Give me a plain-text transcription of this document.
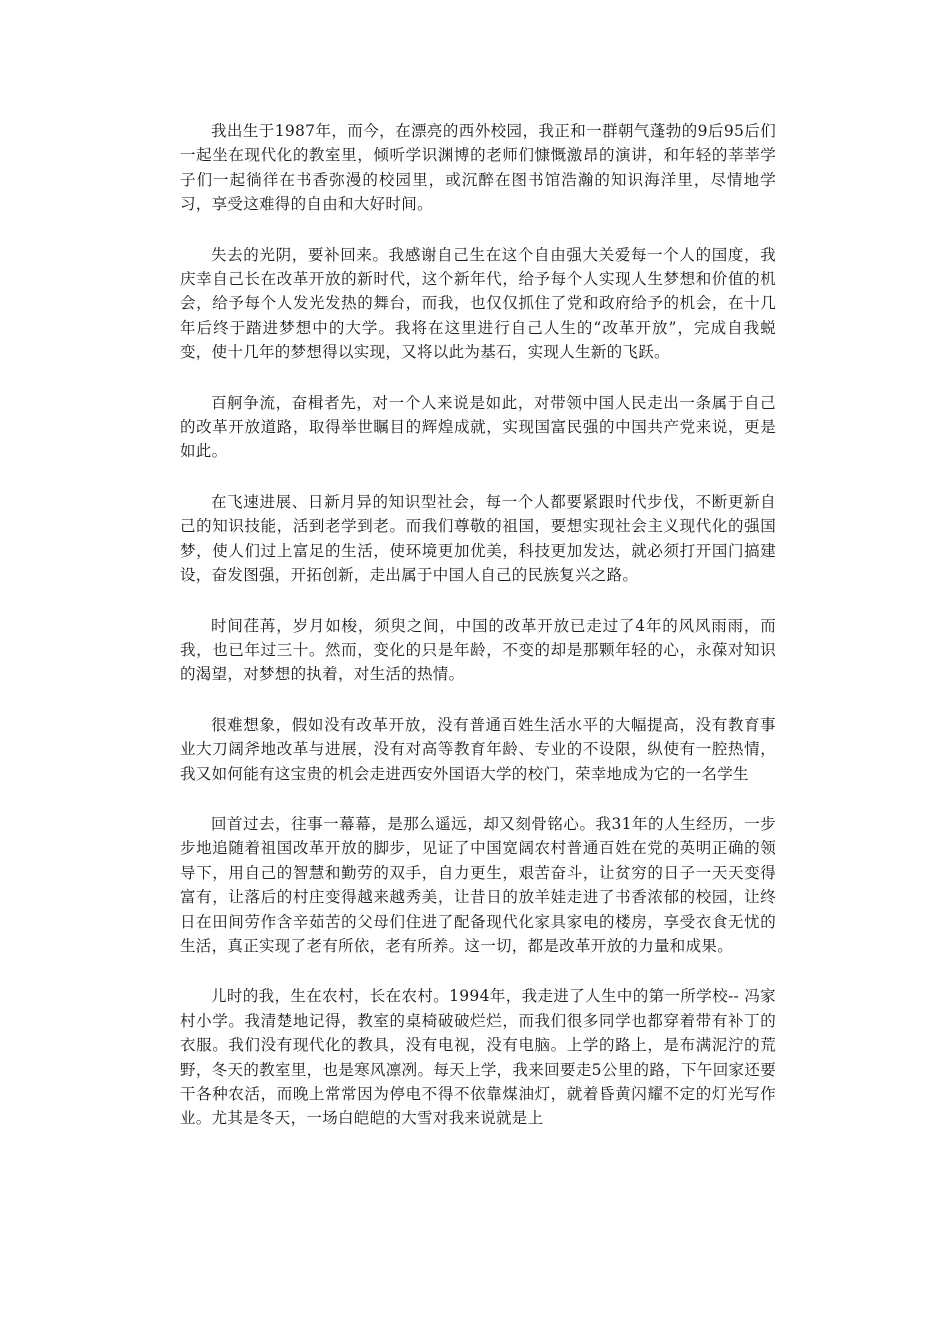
我出生于1987年，而今，在漂亮的西外校园，我正和一群朝气蓬勃的9后95后们一起坐在现代化的教室里，倾听学识渊博的老师们慷慨激昂的演讲，和年轻的莘莘学子们一起徜徉在书香弥漫的校园里，或沉醉在图书馆浩瀚的知识海洋里，尽情地学习，享受这难得的自由和大好时间。

失去的光阴，要补回来。我感谢自己生在这个自由强大关爱每一个人的国度，我庆幸自己长在改革开放的新时代，这个新年代，给予每个人实现人生梦想和价值的机会，给予每个人发光发热的舞台，而我，也仅仅抓住了党和政府给予的机会，在十几年后终于踏进梦想中的大学。我将在这里进行自己人生的“改革开放”，完成自我蜕变，使十几年的梦想得以实现，又将以此为基石，实现人生新的飞跃。

百舸争流，奋楫者先，对一个人来说是如此，对带领中国人民走出一条属于自己的改革开放道路，取得举世瞩目的辉煌成就，实现国富民强的中国共产党来说，更是如此。

在飞速进展、日新月异的知识型社会，每一个人都要紧跟时代步伐，不断更新自己的知识技能，活到老学到老。而我们尊敬的祖国，要想实现社会主义现代化的强国梦，使人们过上富足的生活，使环境更加优美，科技更加发达，就必须打开国门搞建设，奋发图强，开拓创新，走出属于中国人自己的民族复兴之路。

时间荏苒，岁月如梭，须臾之间，中国的改革开放已走过了4年的风风雨雨，而我，也已年过三十。然而，变化的只是年龄，不变的却是那颗年轻的心，永葆对知识的渴望，对梦想的执着，对生活的热情。

很难想象，假如没有改革开放，没有普通百姓生活水平的大幅提高，没有教育事业大刀阔斧地改革与进展，没有对高等教育年龄、专业的不设限，纵使有一腔热情，我又如何能有这宝贵的机会走进西安外国语大学的校门，荣幸地成为它的一名学生

回首过去，往事一幕幕，是那么遥远，却又刻骨铭心。我31年的人生经历，一步步地追随着祖国改革开放的脚步，见证了中国宽阔农村普通百姓在党的英明正确的领导下，用自己的智慧和勤劳的双手，自力更生，艰苦奋斗，让贫穷的日子一天天变得富有，让落后的村庄变得越来越秀美，让昔日的放羊娃走进了书香浓郁的校园，让终日在田间劳作含辛茹苦的父母们住进了配备现代化家具家电的楼房，享受衣食无忧的生活，真正实现了老有所依，老有所养。这一切，都是改革开放的力量和成果。

儿时的我，生在农村，长在农村。1994年，我走进了人生中的第一所学校-- 冯家村小学。我清楚地记得，教室的桌椅破破烂烂，而我们很多同学也都穿着带有补丁的衣服。我们没有现代化的教具，没有电视，没有电脑。上学的路上，是布满泥泞的荒野，冬天的教室里，也是寒风凛冽。每天上学，我来回要走5公里的路，下午回家还要干各种农活，而晚上常常因为停电不得不依靠煤油灯，就着昏黄闪耀不定的灯光写作业。尤其是冬天，一场白皑皑的大雪对我来说就是上
